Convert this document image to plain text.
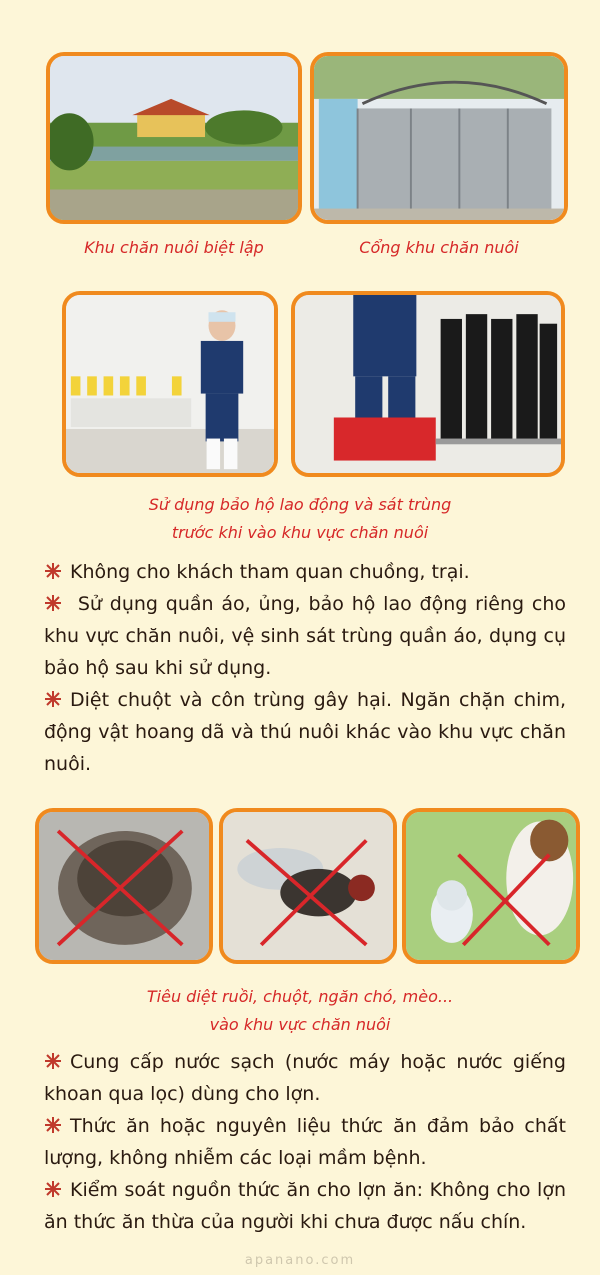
Khu chăn nuôi biệt lập	Cổng khu chăn nuôi
Sử dụng bảo hộ lao động và sát trùng
trước khi vào khu vực chăn nuôi
Không cho khách tham quan chuồng, trại.
Sử dụng quần áo, ủng, bảo hộ lao động riêng cho khu vực chăn nuôi, vệ sinh sát trùng quần áo, dụng cụ bảo hộ sau khi sử dụng.
Diệt chuột và côn trùng gây hại. Ngăn chặn chim, động vật hoang dã và thú nuôi khác vào khu vực chăn nuôi.
Tiêu diệt ruồi, chuột, ngăn chó, mèo...
vào khu vực chăn nuôi
Cung cấp nước sạch (nước máy hoặc nước giếng khoan qua lọc) dùng cho lợn.
Thức ăn hoặc nguyên liệu thức ăn đảm bảo chất lượng, không nhiễm các loại mầm bệnh.
Kiểm soát nguồn thức ăn cho lợn ăn: Không cho lợn ăn thức ăn thừa của người khi chưa được nấu chín.
apanano.com
